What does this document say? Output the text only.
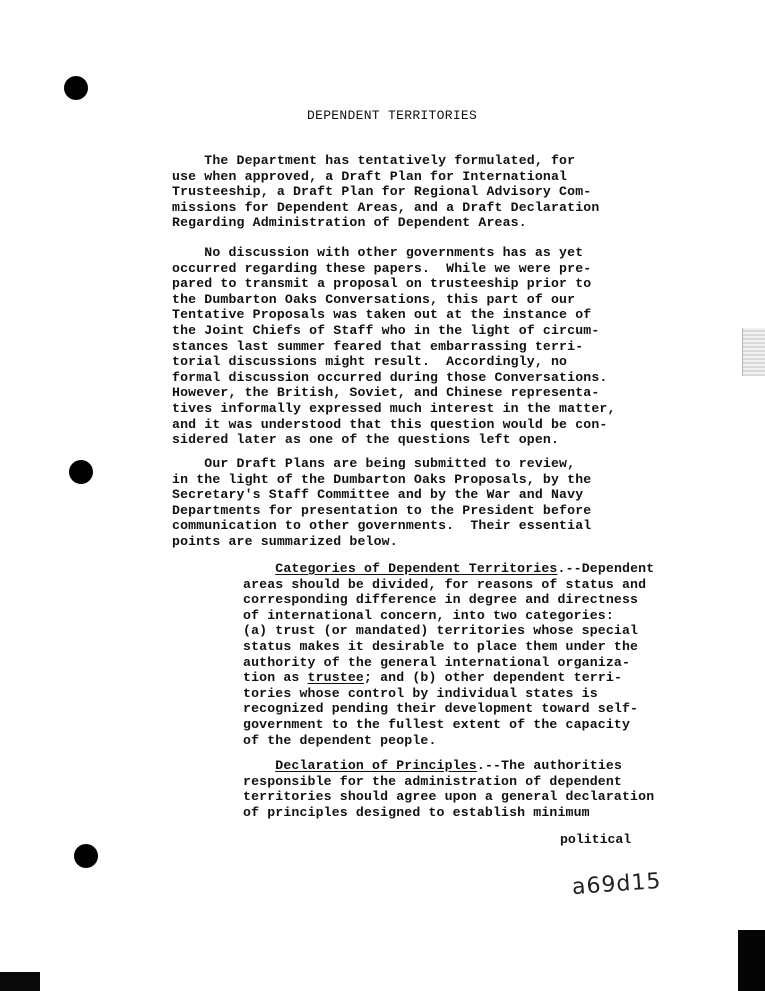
DEPENDENT TERRITORIES
The Department has tentatively formulated, for
use when approved, a Draft Plan for International
Trusteeship, a Draft Plan for Regional Advisory Com-
missions for Dependent Areas, and a Draft Declaration
Regarding Administration of Dependent Areas.
No discussion with other governments has as yet
occurred regarding these papers.  While we were pre-
pared to transmit a proposal on trusteeship prior to
the Dumbarton Oaks Conversations, this part of our
Tentative Proposals was taken out at the instance of
the Joint Chiefs of Staff who in the light of circum-
stances last summer feared that embarrassing terri-
torial discussions might result.  Accordingly, no
formal discussion occurred during those Conversations.
However, the British, Soviet, and Chinese representa-
tives informally expressed much interest in the matter,
and it was understood that this question would be con-
sidered later as one of the questions left open.
Our Draft Plans are being submitted to review,
in the light of the Dumbarton Oaks Proposals, by the
Secretary's Staff Committee and by the War and Navy
Departments for presentation to the President before
communication to other governments.  Their essential
points are summarized below.
Categories of Dependent Territories.--Dependent
areas should be divided, for reasons of status and
corresponding difference in degree and directness
of international concern, into two categories:
(a) trust (or mandated) territories whose special
status makes it desirable to place them under the
authority of the general international organiza-
tion as trustee; and (b) other dependent terri-
tories whose control by individual states is
recognized pending their development toward self-
government to the fullest extent of the capacity
of the dependent people.
Declaration of Principles.--The authorities
responsible for the administration of dependent
territories should agree upon a general declaration
of principles designed to establish minimum
political
a69d15
